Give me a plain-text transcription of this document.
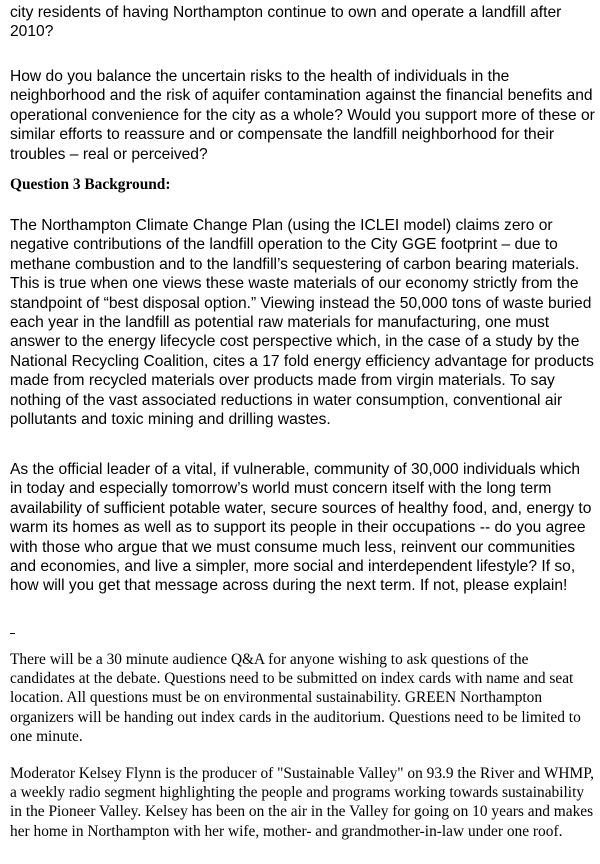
city residents of having Northampton continue to own and operate a landfill after 2010?

How do you balance the uncertain risks to the health of individuals in the neighborhood and the risk of aquifer contamination against the financial benefits and operational convenience for the city as a whole? Would you support more of these or similar efforts to reassure and or compensate the landfill neighborhood for their troubles – real or perceived?

Question 3 Background:

The Northampton Climate Change Plan (using the ICLEI model) claims zero or negative contributions of the landfill operation to the City GGE footprint – due to methane combustion and to the landfill’s sequestering of carbon bearing materials. This is true when one views these waste materials of our economy strictly from the standpoint of “best disposal option.” Viewing instead the 50,000 tons of waste buried each year in the landfill as potential raw materials for manufacturing, one must answer to the energy lifecycle cost perspective which, in the case of a study by the National Recycling Coalition, cites a 17 fold energy efficiency advantage for products made from recycled materials over products made from virgin materials. To say nothing of the vast associated reductions in water consumption, conventional air pollutants and toxic mining and drilling wastes.

As the official leader of a vital, if vulnerable, community of 30,000 individuals which in today and especially tomorrow’s world must concern itself with the long term availability of sufficient potable water, secure sources of healthy food, and, energy to warm its homes as well as to support its people in their occupations -- do you agree with those who argue that we must consume much less, reinvent our communities and economies, and live a simpler, more social and interdependent lifestyle? If so, how will you get that message across during the next term. If not, please explain!

There will be a 30 minute audience Q&A for anyone wishing to ask questions of the candidates at the debate. Questions need to be submitted on index cards with name and seat location. All questions must be on environmental sustainability. GREEN Northampton organizers will be handing out index cards in the auditorium. Questions need to be limited to one minute.

Moderator Kelsey Flynn is the producer of "Sustainable Valley" on 93.9 the River and WHMP, a weekly radio segment highlighting the people and programs working towards sustainability in the Pioneer Valley. Kelsey has been on the air in the Valley for going on 10 years and makes her home in Northampton with her wife, mother- and grandmother-in-law under one roof.
